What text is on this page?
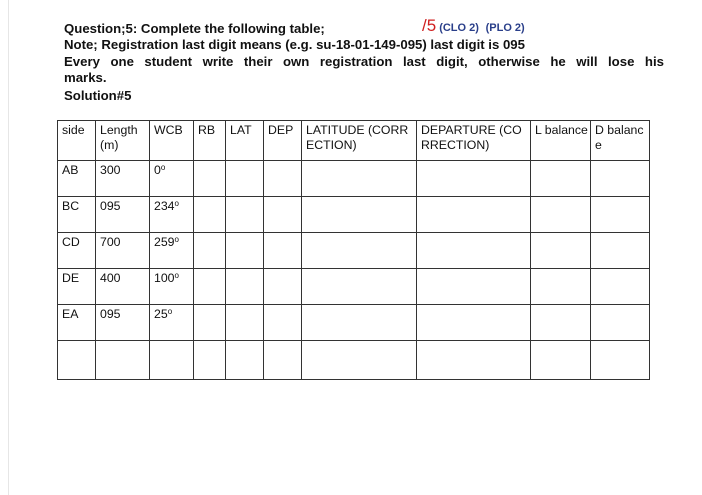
Question;5: Complete the following table;	/5 (CLO 2) (PLO 2)
Note; Registration last digit means (e.g. su-18-01-149-095) last digit is 095
Every one student write their own registration last digit, otherwise he will lose his
marks.
Solution#5
side	Length (m)	WCB	RB	LAT	DEP	LATITUDE (CORRECTION)	DEPARTURE (CORRECTION)	L balance	D balance
AB	300	0$^o$							
BC	095	234$^o$							
CD	700	259$^o$							
DE	400	100$^o$							
EA	095	25$^o$							
